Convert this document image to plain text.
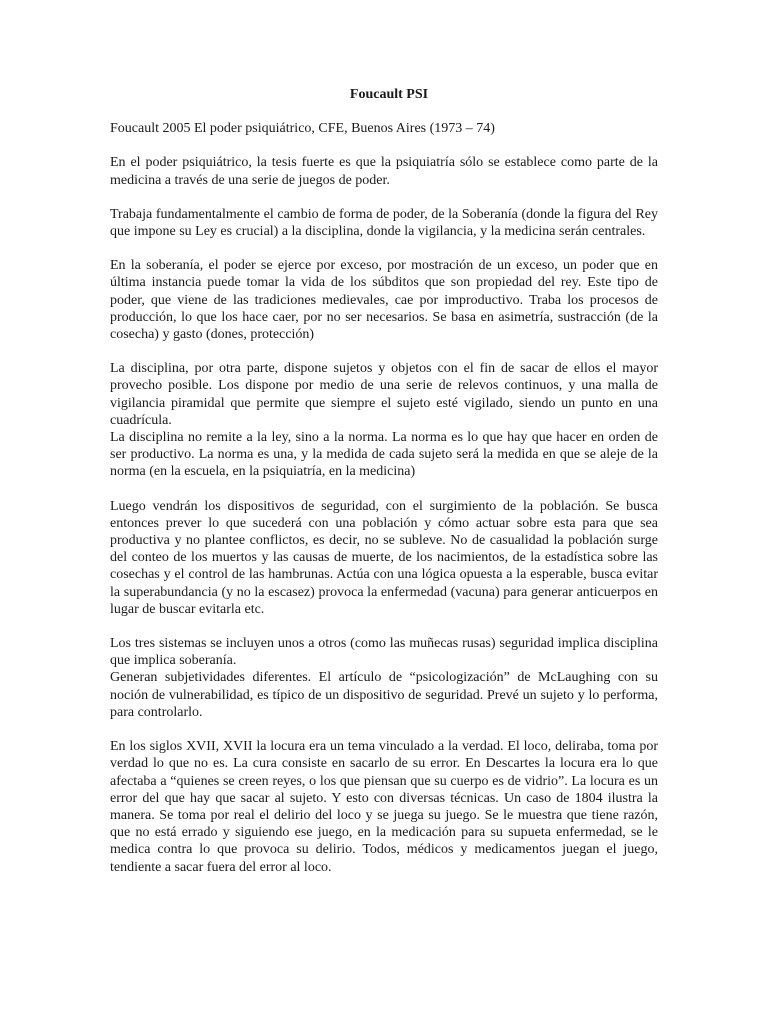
Foucault PSI

Foucault 2005 El poder psiquiátrico, CFE, Buenos Aires (1973 – 74)

En el poder psiquiátrico, la tesis fuerte es que la psiquiatría sólo se establece como parte de la medicina a través de una serie de juegos de poder.

Trabaja fundamentalmente el cambio de forma de poder, de la Soberanía (donde la figura del Rey que impone su Ley es crucial) a la disciplina, donde la vigilancia, y la medicina serán centrales.

En la soberanía, el poder se ejerce por exceso, por mostración de un exceso, un poder que en última instancia puede tomar la vida de los súbditos que son propiedad del rey. Este tipo de poder, que viene de las tradiciones medievales, cae por improductivo. Traba los procesos de producción, lo que los hace caer, por no ser necesarios. Se basa en asimetría, sustracción (de la cosecha) y gasto (dones, protección)

La disciplina, por otra parte, dispone sujetos y objetos con el fin de sacar de ellos el mayor provecho posible. Los dispone por medio de una serie de relevos continuos, y una malla de vigilancia piramidal que permite que siempre el sujeto esté vigilado, siendo un punto en una cuadrícula.
La disciplina no remite a la ley, sino a la norma. La norma es lo que hay que hacer en orden de ser productivo. La norma es una, y la medida de cada sujeto será la medida en que se aleje de la norma (en la escuela, en la psiquiatría, en la medicina)

Luego vendrán los dispositivos de seguridad, con el surgimiento de la población. Se busca entonces prever lo que sucederá con una población y cómo actuar sobre esta para que sea productiva y no plantee conflictos, es decir, no se subleve. No de casualidad la población surge del conteo de los muertos y las causas de muerte, de los nacimientos, de la estadística sobre las cosechas y el control de las hambrunas. Actúa con una lógica opuesta a la esperable, busca evitar la superabundancia (y no la escasez) provoca la enfermedad (vacuna) para generar anticuerpos en lugar de buscar evitarla etc.

Los tres sistemas se incluyen unos a otros (como las muñecas rusas) seguridad implica disciplina que implica soberanía.
Generan subjetividades diferentes. El artículo de “psicologización” de McLaughing con su noción de vulnerabilidad, es típico de un dispositivo de seguridad. Prevé un sujeto y lo performa, para controlarlo.

En los siglos XVII, XVII la locura era un tema vinculado a la verdad. El loco, deliraba, toma por verdad lo que no es. La cura consiste en sacarlo de su error. En Descartes la locura era lo que afectaba a “quienes se creen reyes, o los que piensan que su cuerpo es de vidrio”. La locura es un error del que hay que sacar al sujeto. Y esto con diversas técnicas. Un caso de 1804 ilustra la manera. Se toma por real el delirio del loco y se juega su juego. Se le muestra que tiene razón, que no está errado y siguiendo ese juego, en la medicación para su supueta enfermedad, se le medica contra lo que provoca su delirio. Todos, médicos y medicamentos juegan el juego, tendiente a sacar fuera del error al loco.
